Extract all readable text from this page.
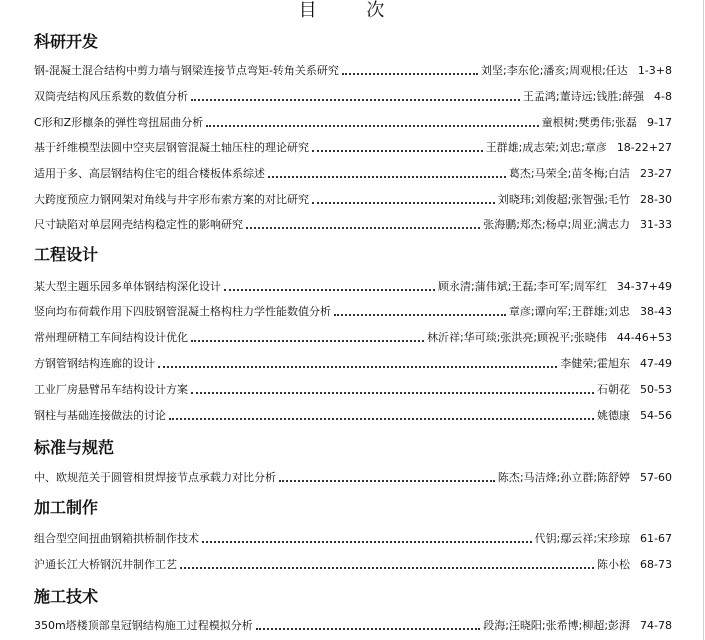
目 次
科研开发
钢-混凝土混合结构中剪力墙与钢梁连接节点弯矩-转角关系研究	刘坚;李东伦;潘亥;周观根;任达 1-3+8
双筒壳结构风压系数的数值分析	王孟鸿;董诗远;钱胜;薛强 4-8
C形和Z形檩条的弹性弯扭屈曲分析	童根树;樊勇伟;张磊 9-17
基于纤维模型法圆中空夹层钢管混凝土轴压柱的理论研究	王群雄;成志荣;刘忠;章彦 18-22+27
适用于多、高层钢结构住宅的组合楼板体系综述	葛杰;马荣全;苗冬梅;白洁 23-27
大跨度预应力钢网架对角线与井字形布索方案的对比研究	刘晓玮;刘俊超;张智强;毛竹 28-30
尺寸缺陷对单层网壳结构稳定性的影响研究	张海鹏;郑杰;杨卓;周亚;满志力 31-33
工程设计
某大型主题乐园多单体钢结构深化设计	顾永清;蒲伟斌;王磊;李可军;周军红 34-37+49
竖向均布荷载作用下四肢钢管混凝土格构柱力学性能数值分析	章彦;谭向军;王群雄;刘忠 38-43
常州理研精工车间结构设计优化	林沂祥;华可琰;张洪亮;顾祝平;张晓伟 44-46+53
方钢管钢结构连廊的设计	李健荣;霍旭东 47-49
工业厂房悬臂吊车结构设计方案	石朝花 50-53
钢柱与基础连接做法的讨论	姚德康 54-56
标准与规范
中、欧规范关于圆管相贯焊接节点承载力对比分析	陈杰;马洁烽;孙立群;陈舒婷 57-60
加工制作
组合型空间扭曲钢箱拱桥制作技术	代钥;鄢云祥;宋珍琼 61-67
沪通长江大桥钢沉井制作工艺	陈小松 68-73
施工技术
350m塔楼顶部皇冠钢结构施工过程模拟分析	段海;汪晓阳;张希博;柳超;彭湃 74-78
